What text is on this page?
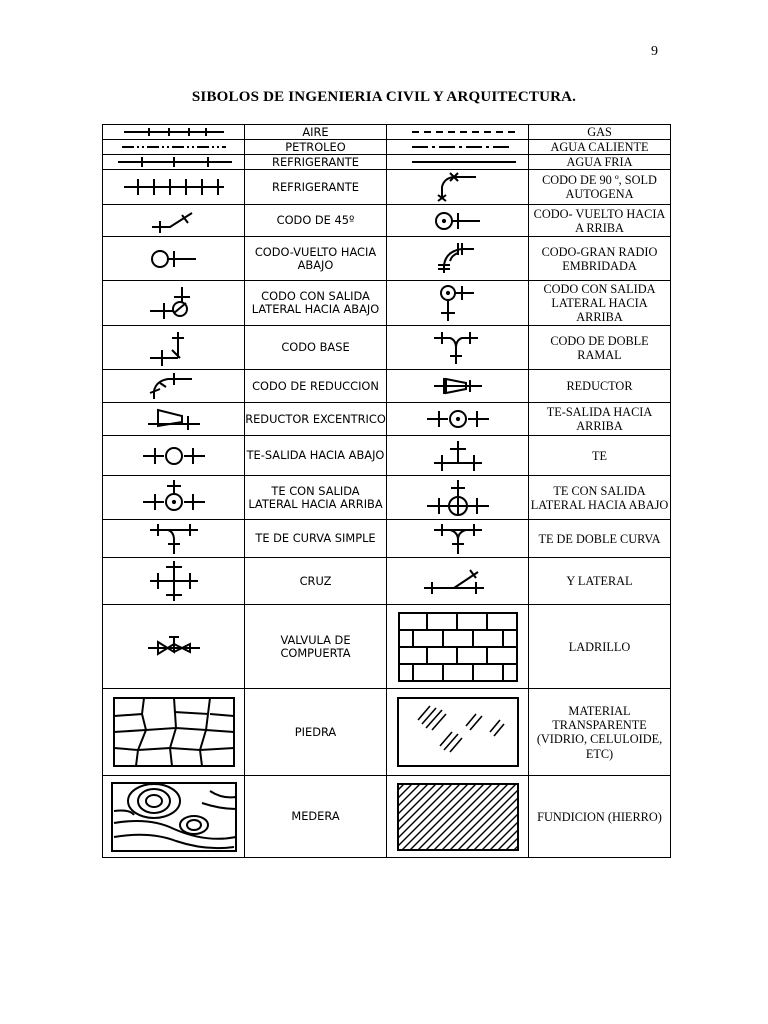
9
SIBOLOS DE INGENIERIA CIVIL Y ARQUITECTURA.
	AIRE		GAS

	PETROLEO		AGUA CALIENTE

	REFRIGERANTE		AGUA FRIA

	REFRIGERANTE		CODO DE 90 º, SOLD AUTOGENA

	CODO DE 45º		CODO- VUELTO HACIA A RRIBA

	CODO-VUELTO HACIA ABAJO		CODO-GRAN RADIO EMBRIDADA

	CODO CON SALIDA LATERAL HACIA ABAJO		CODO CON SALIDA LATERAL HACIA ARRIBA

	CODO BASE		CODO DE DOBLE RAMAL

	CODO DE REDUCCION		REDUCTOR

	REDUCTOR EXCENTRICO		TE-SALIDA HACIA ARRIBA

	TE-SALIDA HACIA ABAJO		TE

	TE CON SALIDA LATERAL HACIA ARRIBA		TE CON SALIDA LATERAL HACIA ABAJO

	TE DE CURVA SIMPLE		TE DE DOBLE CURVA

	CRUZ		Y LATERAL

	VALVULA DE COMPUERTA		LADRILLO

	PIEDRA		MATERIAL TRANSPARENTE (VIDRIO, CELULOIDE, ETC)

	MEDERA		FUNDICION (HIERRO)
